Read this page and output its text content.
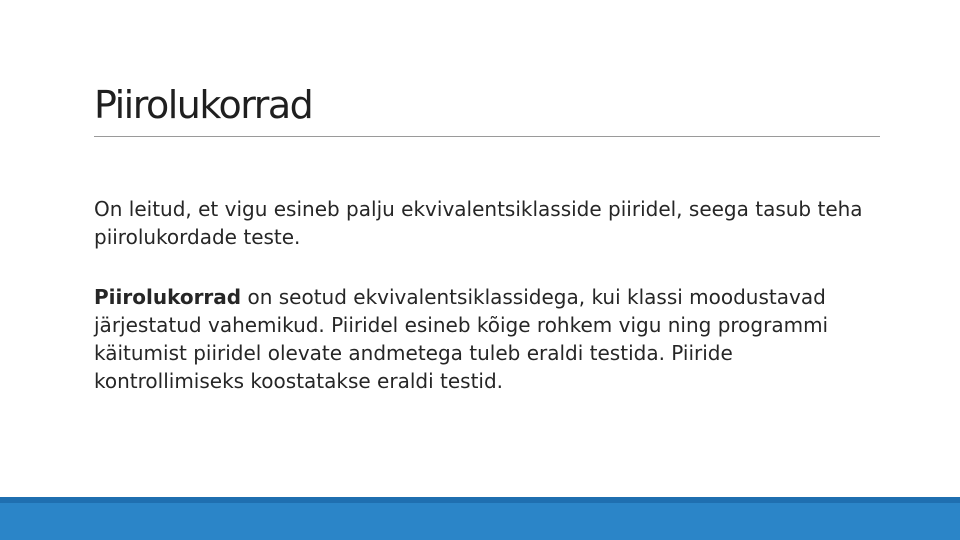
Piirolukorrad

On leitud, et vigu esineb palju ekvivalentsiklasside piiridel, seega tasub teha piirolukordade teste.

Piirolukorrad on seotud ekvivalentsiklassidega, kui klassi moodustavad järjestatud vahemikud. Piiridel esineb kõige rohkem vigu ning programmi käitumist piiridel olevate andmetega tuleb eraldi testida. Piiride kontrollimiseks koostatakse eraldi testid.
